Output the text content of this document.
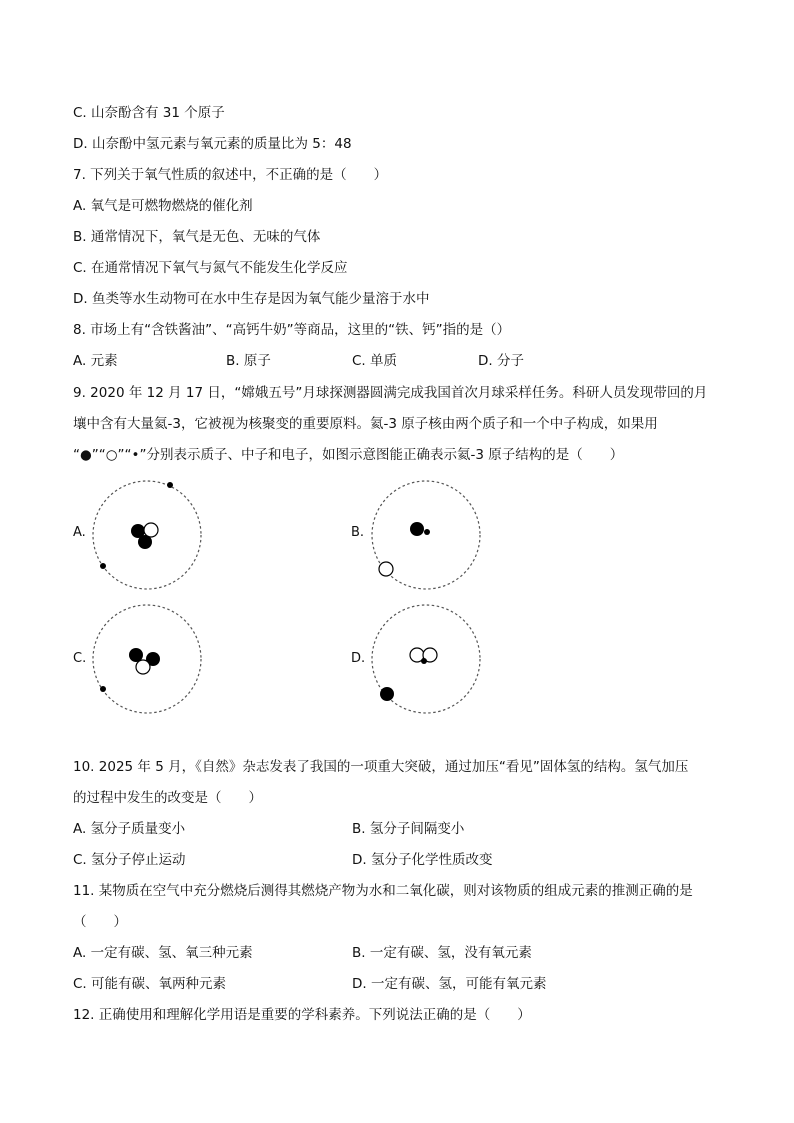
C. 山奈酚含有 31 个原子
D. 山奈酚中氢元素与氧元素的质量比为 5：48
7. 下列关于氧气性质的叙述中，不正确的是（　　）
A. 氧气是可燃物燃烧的催化剂
B. 通常情况下，氧气是无色、无味的气体
C. 在通常情况下氧气与氮气不能发生化学反应
D. 鱼类等水生动物可在水中生存是因为氧气能少量溶于水中
8. 市场上有“含铁酱油”、“高钙牛奶”等商品，这里的“铁、钙”指的是（）
A. 元素	B. 原子	C. 单质	D. 分子
9. 2020 年 12 月 17 日，“嫦娥五号”月球探测器圆满完成我国首次月球采样任务。科研人员发现带回的月
壤中含有大量氦-3，它被视为核聚变的重要原料。氦-3 原子核由两个质子和一个中子构成，如果用
“●”“○”“•”分别表示质子、中子和电子，如图示意图能正确表示氦-3 原子结构的是（　　）
A.	B.
C.	D.
10. 2025 年 5 月，《自然》杂志发表了我国的一项重大突破，通过加压“看见”固体氢的结构。氢气加压
的过程中发生的改变是（　　）
A. 氢分子质量变小	B. 氢分子间隔变小
C. 氢分子停止运动	D. 氢分子化学性质改变
11. 某物质在空气中充分燃烧后测得其燃烧产物为水和二氧化碳，则对该物质的组成元素的推测正确的是
（　　）
A. 一定有碳、氢、氧三种元素	B. 一定有碳、氢，没有氧元素
C. 可能有碳、氧两种元素	D. 一定有碳、氢，可能有氧元素
12. 正确使用和理解化学用语是重要的学科素养。下列说法正确的是（　　）
